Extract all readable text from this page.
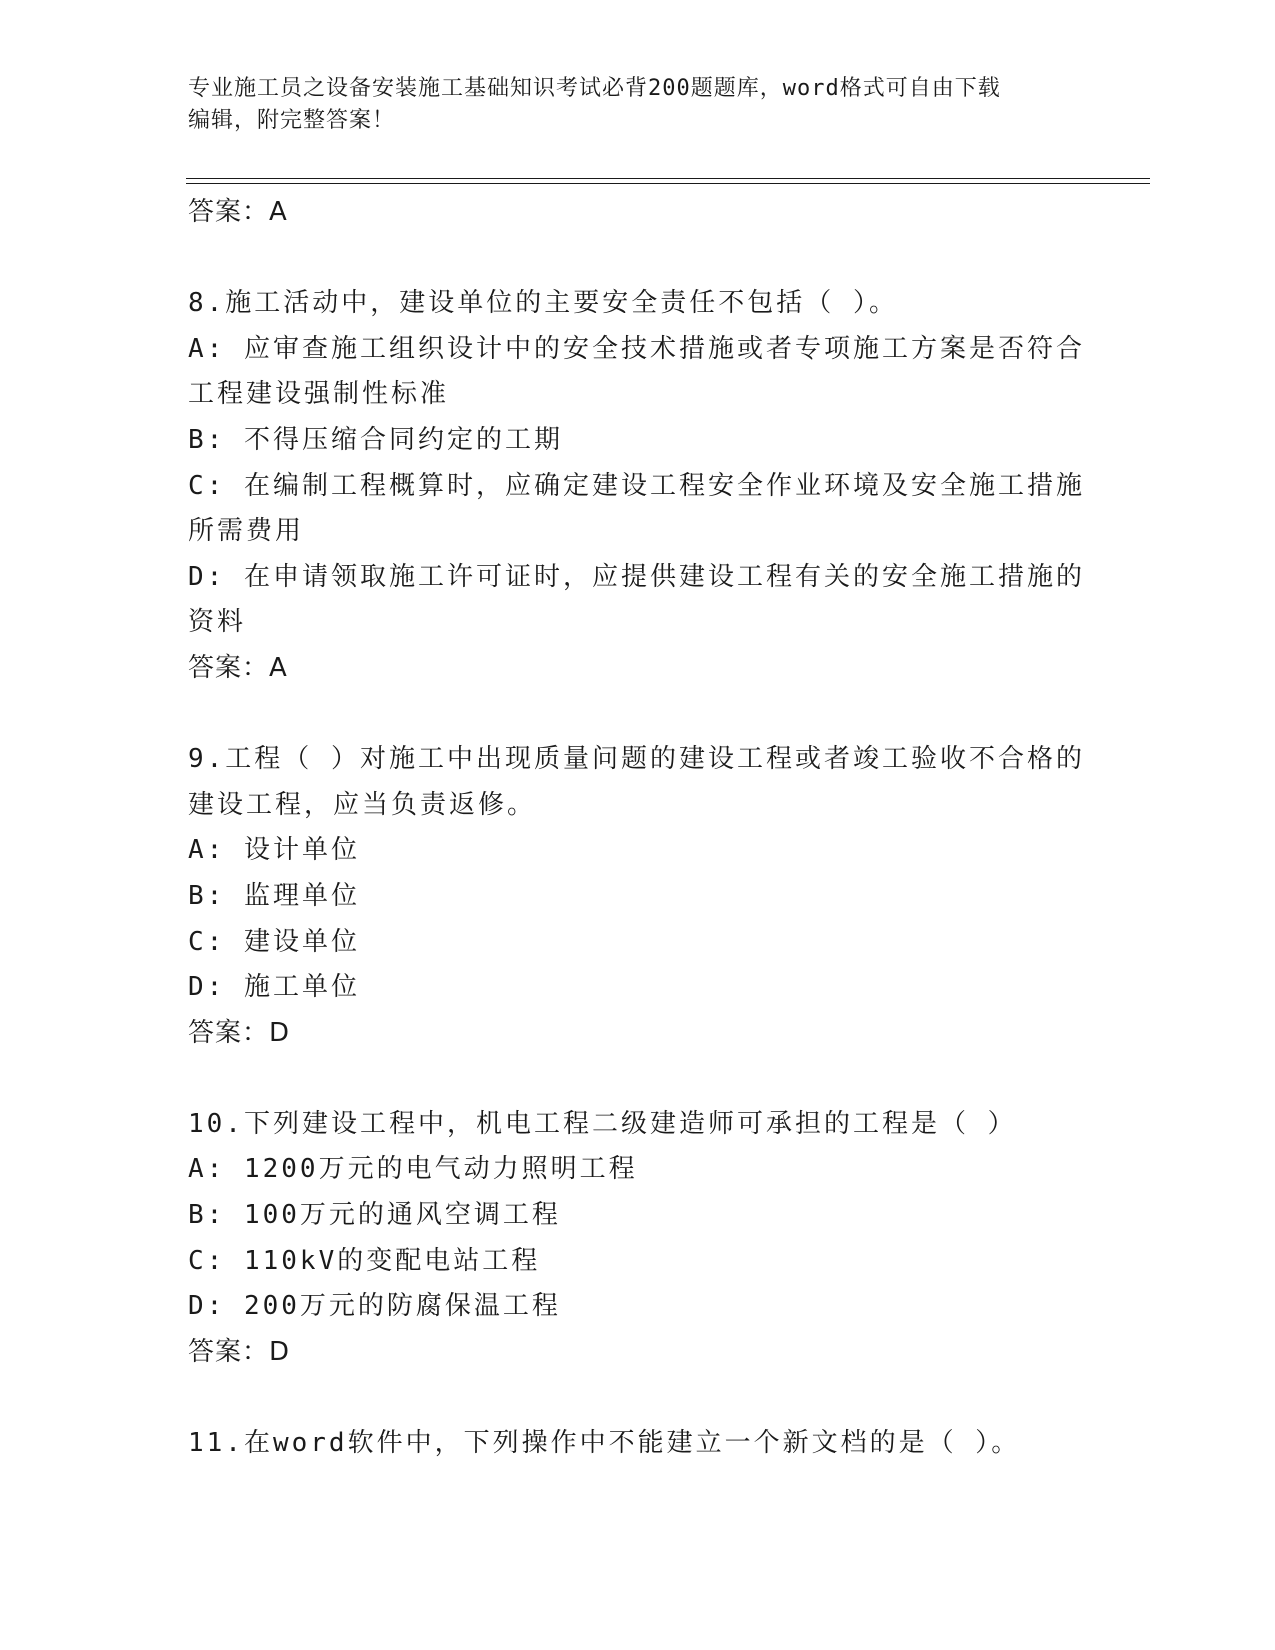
专业施工员之设备安装施工基础知识考试必背200题题库，word格式可自由下载
编辑，附完整答案！
答案：A
8.施工活动中，建设单位的主要安全责任不包括（ ）。
A: 应审查施工组织设计中的安全技术措施或者专项施工方案是否符合
工程建设强制性标准
B: 不得压缩合同约定的工期
C: 在编制工程概算时，应确定建设工程安全作业环境及安全施工措施
所需费用
D: 在申请领取施工许可证时，应提供建设工程有关的安全施工措施的
资料
答案：A
9.工程（ ）对施工中出现质量问题的建设工程或者竣工验收不合格的
建设工程，应当负责返修。
A: 设计单位
B: 监理单位
C: 建设单位
D: 施工单位
答案：D
10.下列建设工程中，机电工程二级建造师可承担的工程是（ ）
A: 1200万元的电气动力照明工程
B: 100万元的通风空调工程
C: 110kV的变配电站工程
D: 200万元的防腐保温工程
答案：D
11.在word软件中，下列操作中不能建立一个新文档的是（ ）。
